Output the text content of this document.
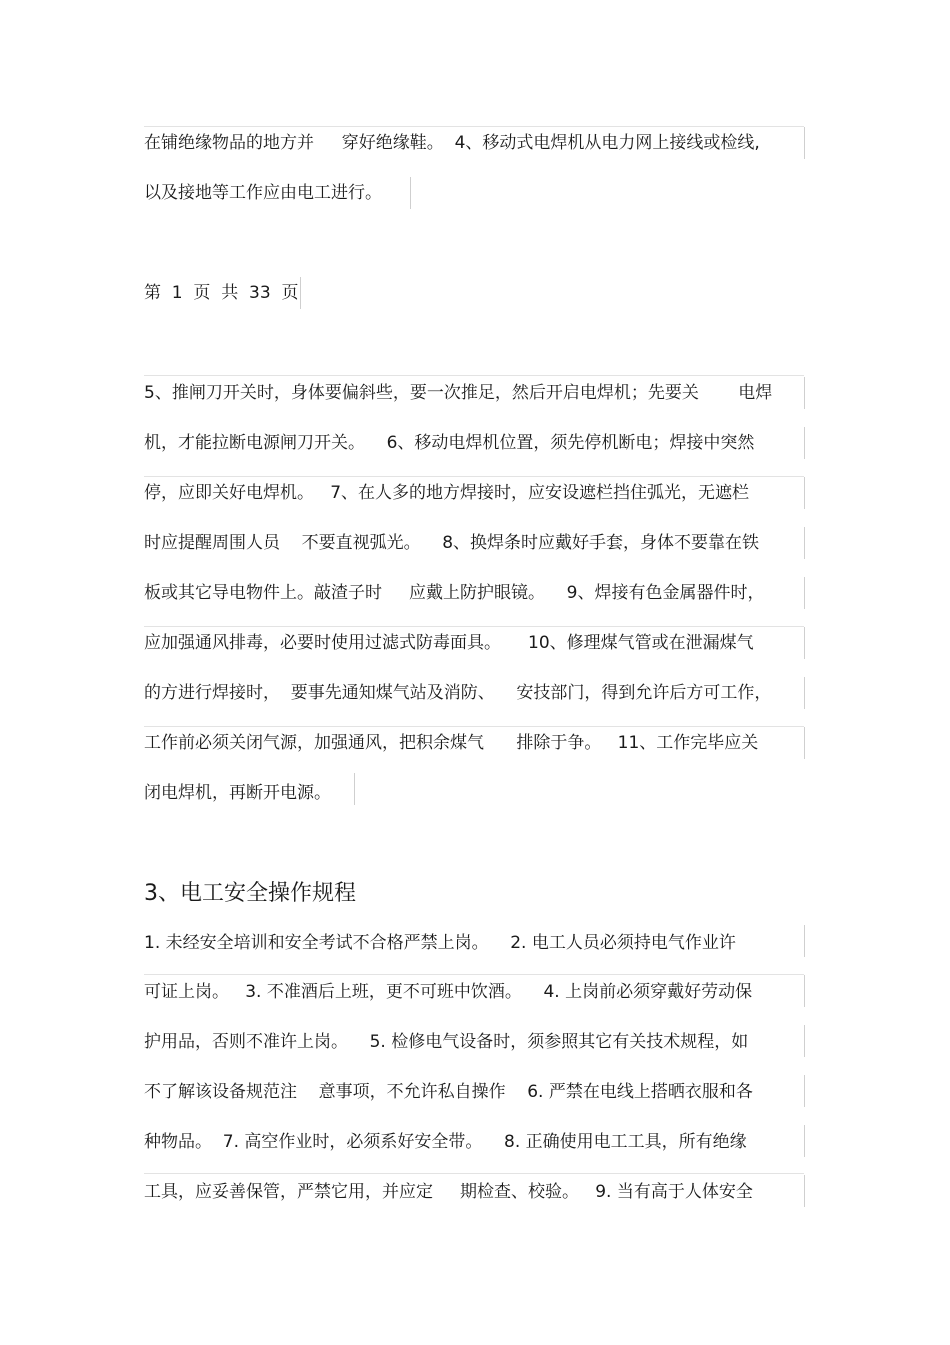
在铺绝缘物品的地方并　  穿好绝缘鞋。  4、移动式电焊机从电力网上接线或检线,
以及接地等工作应由电工进行。
第  1  页  共  33  页
5、推闸刀开关时，身体要偏斜些，要一次推足，然后开启电焊机；先要关　　 电焊
机，才能拉断电源闸刀开关。    6、移动电焊机位置，须先停机断电；焊接中突然
停，应即关好电焊机。   7、在人多的地方焊接时，应安设遮栏挡住弧光，无遮栏
时应提醒周围人员    不要直视弧光。    8、换焊条时应戴好手套，身体不要靠在铁
板或其它导电物件上。敲渣子时     应戴上防护眼镜。    9、焊接有色金属器件时，
应加强通风排毒，必要时使用过滤式防毒面具。     10、修理煤气管或在泄漏煤气
的方进行焊接时，  要事先通知煤气站及消防、    安技部门，得到允许后方可工作，
工作前必须关闭气源，加强通风，把积余煤气      排除于争。   11、工作完毕应关
闭电焊机，再断开电源。
3、电工安全操作规程
1. 未经安全培训和安全考试不合格严禁上岗。    2. 电工人员必须持电气作业许
可证上岗。   3. 不准酒后上班，更不可班中饮酒。    4. 上岗前必须穿戴好劳动保
护用品，否则不准许上岗。    5. 检修电气设备时，须参照其它有关技术规程，如
不了解该设备规范注    意事项，不允许私自操作    6. 严禁在电线上搭晒衣服和各
种物品。  7. 高空作业时，必须系好安全带。    8. 正确使用电工工具，所有绝缘
工具，应妥善保管，严禁它用，并应定     期检查、校验。   9. 当有高于人体安全
